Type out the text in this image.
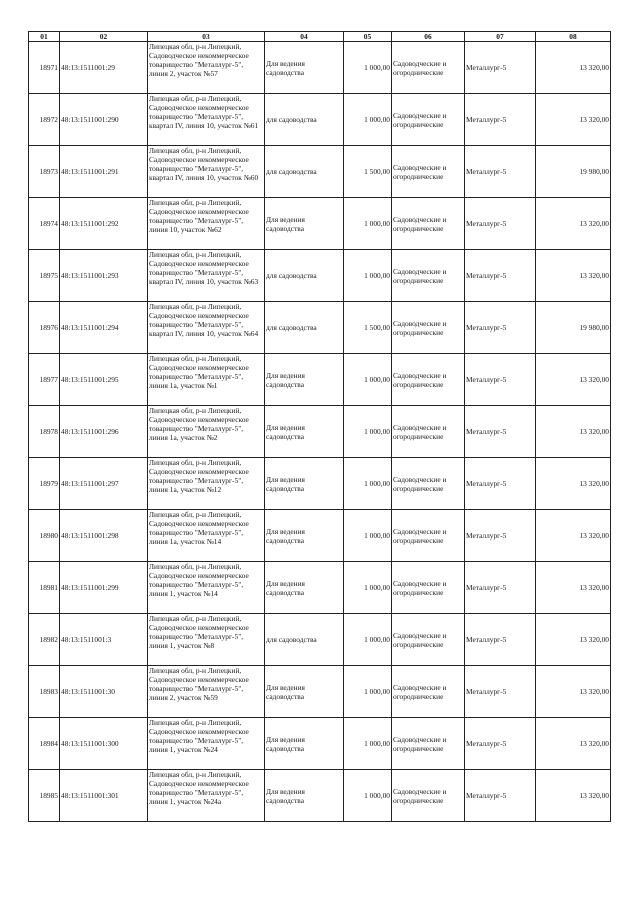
01	02	03	04	05	06	07	08
18971	48:13:1511001:29	Липецкая обл, р-н Липецкий, Садоводческое некоммерческое товарищество "Металлург-5", линия 2, участок №57	Для ведения садоводства	1 000,00	Садоводческие и огороднические	Металлург-5	13 320,00
18972	48:13:1511001:290	Липецкая обл, р-н Липецкий, Садоводческое некоммерческое товарищество "Металлург-5", квартал IV, линия 10, участок №61	для садоводства	1 000,00	Садоводческие и огороднические	Металлург-5	13 320,00
18973	48:13:1511001:291	Липецкая обл, р-н Липецкий, Садоводческое некоммерческое товарищество "Металлург-5", квартал IV, линия 10, участок №60	для садоводства	1 500,00	Садоводческие и огороднические	Металлург-5	19 980,00
18974	48:13:1511001:292	Липецкая обл, р-н Липецкий, Садоводческое некоммерческое товарищество "Металлург-5", линия 10, участок №62	Для ведения садоводства	1 000,00	Садоводческие и огороднические	Металлург-5	13 320,00
18975	48:13:1511001:293	Липецкая обл, р-н Липецкий, Садоводческое некоммерческое товарищество "Металлург-5", квартал IV, линия 10, участок №63	для садоводства	1 000,00	Садоводческие и огороднические	Металлург-5	13 320,00
18976	48:13:1511001:294	Липецкая обл, р-н Липецкий, Садоводческое некоммерческое товарищество "Металлург-5", квартал IV, линия 10, участок №64	для садоводства	1 500,00	Садоводческие и огороднические	Металлург-5	19 980,00
18977	48:13:1511001:295	Липецкая обл, р-н Липецкий, Садоводческое некоммерческое товарищество "Металлург-5", линия 1а, участок №1	Для ведения садоводства	1 000,00	Садоводческие и огороднические	Металлург-5	13 320,00
18978	48:13:1511001:296	Липецкая обл, р-н Липецкий, Садоводческое некоммерческое товарищество "Металлург-5", линия 1а, участок №2	Для ведения садоводства	1 000,00	Садоводческие и огороднические	Металлург-5	13 320,00
18979	48:13:1511001:297	Липецкая обл, р-н Липецкий, Садоводческое некоммерческое товарищество "Металлург-5", линия 1а, участок №12	Для ведения садоводства	1 000,00	Садоводческие и огороднические	Металлург-5	13 320,00
18980	48:13:1511001:298	Липецкая обл, р-н Липецкий, Садоводческое некоммерческое товарищество "Металлург-5", линия 1а, участок №14	Для ведения садоводства	1 000,00	Садоводческие и огороднические	Металлург-5	13 320,00
18981	48:13:1511001:299	Липецкая обл, р-н Липецкий, Садоводческое некоммерческое товарищество "Металлург-5", линия 1, участок №14	Для ведения садоводства	1 000,00	Садоводческие и огороднические	Металлург-5	13 320,00
18982	48:13:1511001:3	Липецкая обл, р-н Липецкий, Садоводческое некоммерческое товарищество "Металлург-5", линия 1, участок №8	для садоводства	1 000,00	Садоводческие и огороднические	Металлург-5	13 320,00
18983	48:13:1511001:30	Липецкая обл, р-н Липецкий, Садоводческое некоммерческое товарищество "Металлург-5", линия 2, участок №59	Для ведения садоводства	1 000,00	Садоводческие и огороднические	Металлург-5	13 320,00
18984	48:13:1511001:300	Липецкая обл, р-н Липецкий, Садоводческое некоммерческое товарищество "Металлург-5", линия 1, участок №24	Для ведения садоводства	1 000,00	Садоводческие и огороднические	Металлург-5	13 320,00
18985	48:13:1511001:301	Липецкая обл, р-н Липецкий, Садоводческое некоммерческое товарищество "Металлург-5", линия 1, участок №24а	Для ведения садоводства	1 000,00	Садоводческие и огороднические	Металлург-5	13 320,00
